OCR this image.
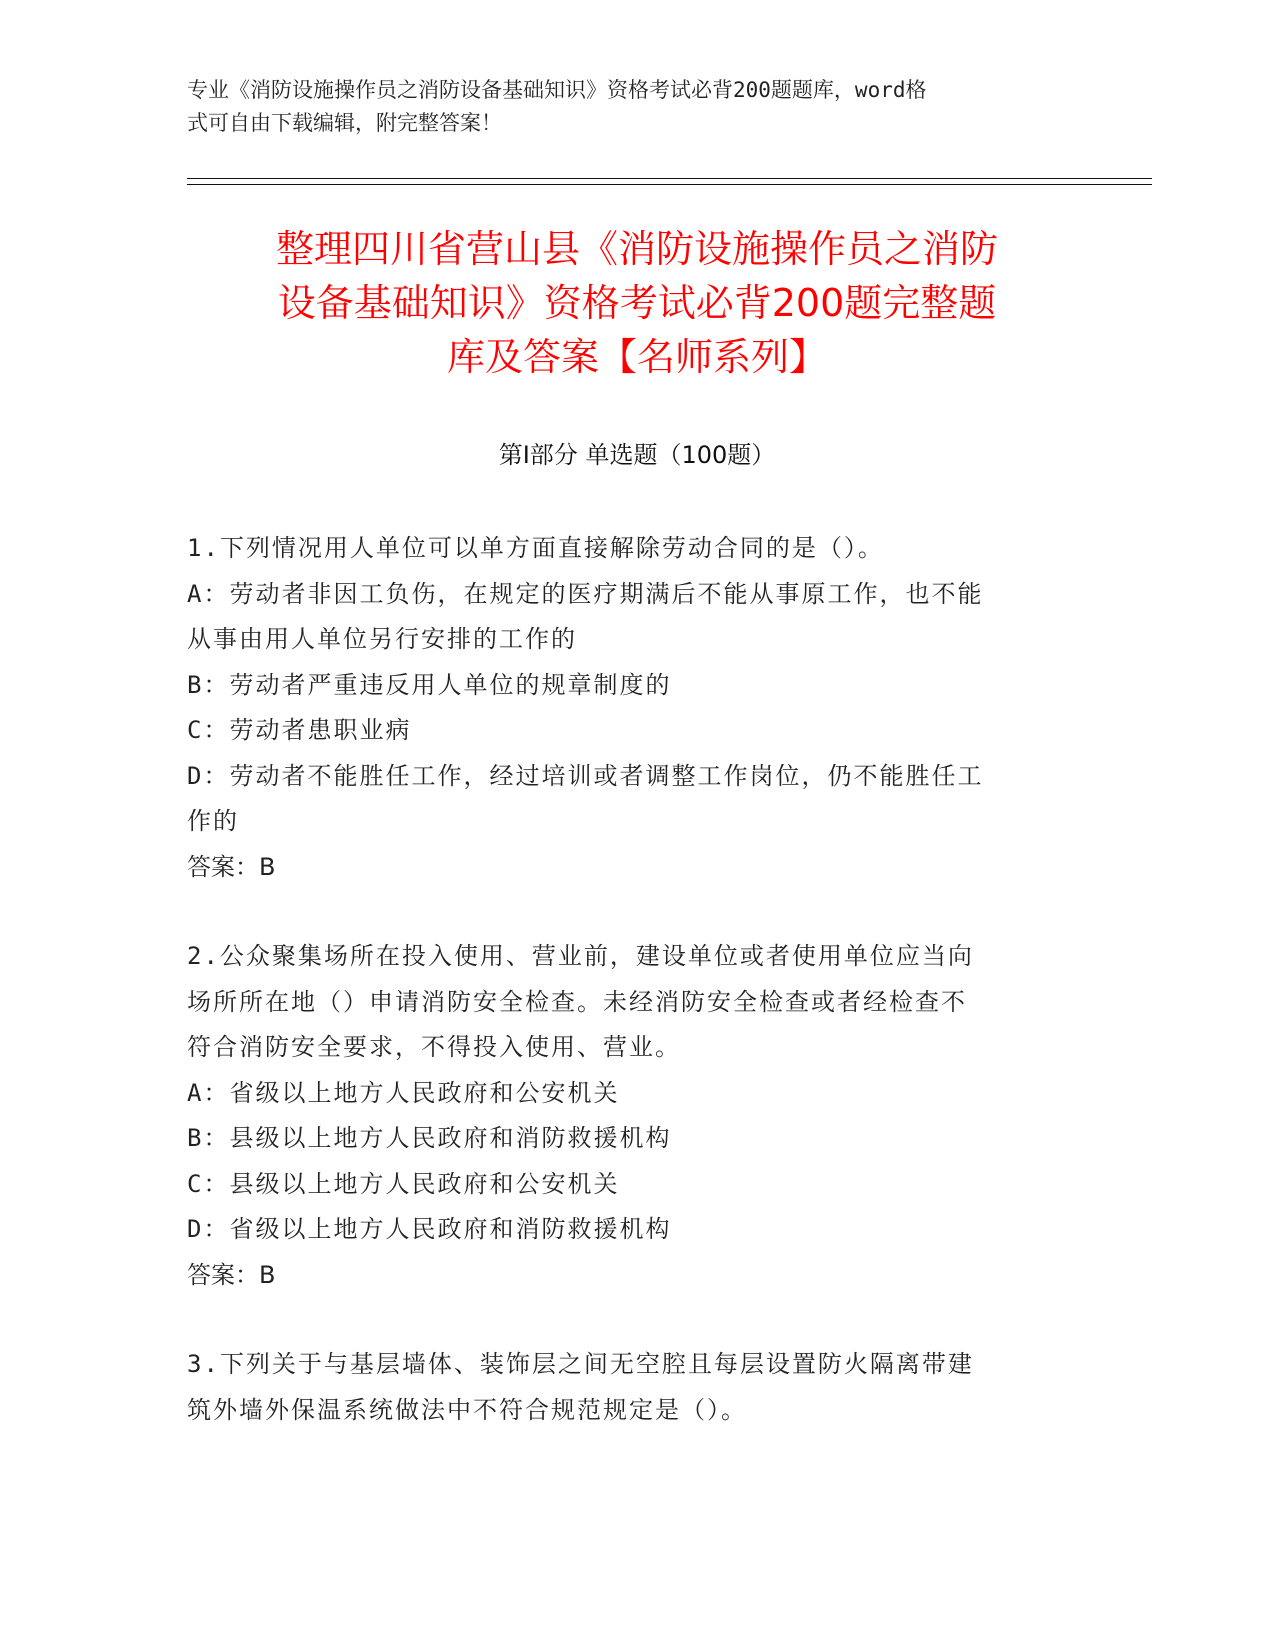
专业《消防设施操作员之消防设备基础知识》资格考试必背200题题库，word格
式可自由下载编辑，附完整答案！
整理四川省营山县《消防设施操作员之消防
设备基础知识》资格考试必背200题完整题
库及答案【名师系列】
第Ⅰ部分 单选题（100题）
1.下列情况用人单位可以单方面直接解除劳动合同的是（）。
A：劳动者非因工负伤，在规定的医疗期满后不能从事原工作，也不能
从事由用人单位另行安排的工作的
B：劳动者严重违反用人单位的规章制度的
C：劳动者患职业病
D：劳动者不能胜任工作，经过培训或者调整工作岗位，仍不能胜任工
作的
答案：B
2.公众聚集场所在投入使用、营业前，建设单位或者使用单位应当向
场所所在地（）申请消防安全检查。未经消防安全检查或者经检查不
符合消防安全要求，不得投入使用、营业。
A：省级以上地方人民政府和公安机关
B：县级以上地方人民政府和消防救援机构
C：县级以上地方人民政府和公安机关
D：省级以上地方人民政府和消防救援机构
答案：B
3.下列关于与基层墙体、装饰层之间无空腔且每层设置防火隔离带建
筑外墙外保温系统做法中不符合规范规定是（）。
